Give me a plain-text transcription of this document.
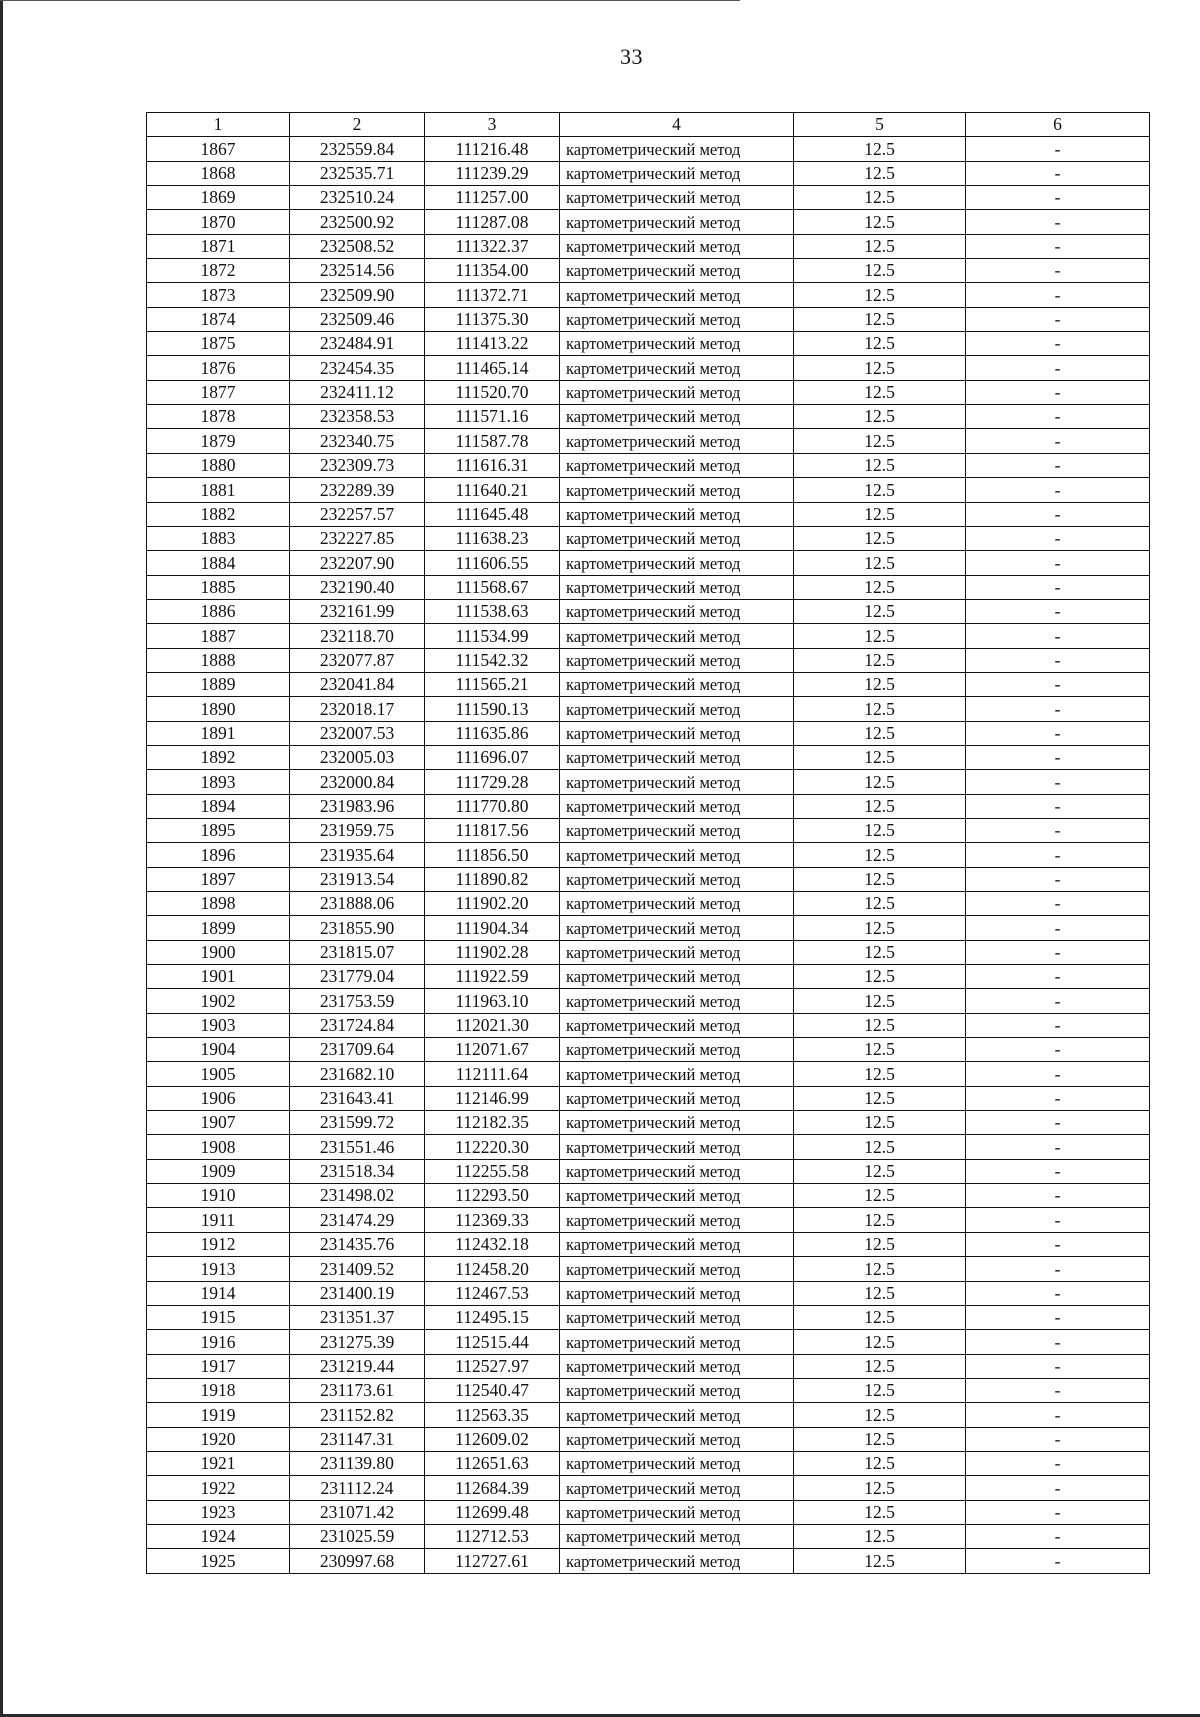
33
1	2	3	4	5	6
1867	232559.84	111216.48	картометрический метод	12.5	-
1868	232535.71	111239.29	картометрический метод	12.5	-
1869	232510.24	111257.00	картометрический метод	12.5	-
1870	232500.92	111287.08	картометрический метод	12.5	-
1871	232508.52	111322.37	картометрический метод	12.5	-
1872	232514.56	111354.00	картометрический метод	12.5	-
1873	232509.90	111372.71	картометрический метод	12.5	-
1874	232509.46	111375.30	картометрический метод	12.5	-
1875	232484.91	111413.22	картометрический метод	12.5	-
1876	232454.35	111465.14	картометрический метод	12.5	-
1877	232411.12	111520.70	картометрический метод	12.5	-
1878	232358.53	111571.16	картометрический метод	12.5	-
1879	232340.75	111587.78	картометрический метод	12.5	-
1880	232309.73	111616.31	картометрический метод	12.5	-
1881	232289.39	111640.21	картометрический метод	12.5	-
1882	232257.57	111645.48	картометрический метод	12.5	-
1883	232227.85	111638.23	картометрический метод	12.5	-
1884	232207.90	111606.55	картометрический метод	12.5	-
1885	232190.40	111568.67	картометрический метод	12.5	-
1886	232161.99	111538.63	картометрический метод	12.5	-
1887	232118.70	111534.99	картометрический метод	12.5	-
1888	232077.87	111542.32	картометрический метод	12.5	-
1889	232041.84	111565.21	картометрический метод	12.5	-
1890	232018.17	111590.13	картометрический метод	12.5	-
1891	232007.53	111635.86	картометрический метод	12.5	-
1892	232005.03	111696.07	картометрический метод	12.5	-
1893	232000.84	111729.28	картометрический метод	12.5	-
1894	231983.96	111770.80	картометрический метод	12.5	-
1895	231959.75	111817.56	картометрический метод	12.5	-
1896	231935.64	111856.50	картометрический метод	12.5	-
1897	231913.54	111890.82	картометрический метод	12.5	-
1898	231888.06	111902.20	картометрический метод	12.5	-
1899	231855.90	111904.34	картометрический метод	12.5	-
1900	231815.07	111902.28	картометрический метод	12.5	-
1901	231779.04	111922.59	картометрический метод	12.5	-
1902	231753.59	111963.10	картометрический метод	12.5	-
1903	231724.84	112021.30	картометрический метод	12.5	-
1904	231709.64	112071.67	картометрический метод	12.5	-
1905	231682.10	112111.64	картометрический метод	12.5	-
1906	231643.41	112146.99	картометрический метод	12.5	-
1907	231599.72	112182.35	картометрический метод	12.5	-
1908	231551.46	112220.30	картометрический метод	12.5	-
1909	231518.34	112255.58	картометрический метод	12.5	-
1910	231498.02	112293.50	картометрический метод	12.5	-
1911	231474.29	112369.33	картометрический метод	12.5	-
1912	231435.76	112432.18	картометрический метод	12.5	-
1913	231409.52	112458.20	картометрический метод	12.5	-
1914	231400.19	112467.53	картометрический метод	12.5	-
1915	231351.37	112495.15	картометрический метод	12.5	-
1916	231275.39	112515.44	картометрический метод	12.5	-
1917	231219.44	112527.97	картометрический метод	12.5	-
1918	231173.61	112540.47	картометрический метод	12.5	-
1919	231152.82	112563.35	картометрический метод	12.5	-
1920	231147.31	112609.02	картометрический метод	12.5	-
1921	231139.80	112651.63	картометрический метод	12.5	-
1922	231112.24	112684.39	картометрический метод	12.5	-
1923	231071.42	112699.48	картометрический метод	12.5	-
1924	231025.59	112712.53	картометрический метод	12.5	-
1925	230997.68	112727.61	картометрический метод	12.5	-
